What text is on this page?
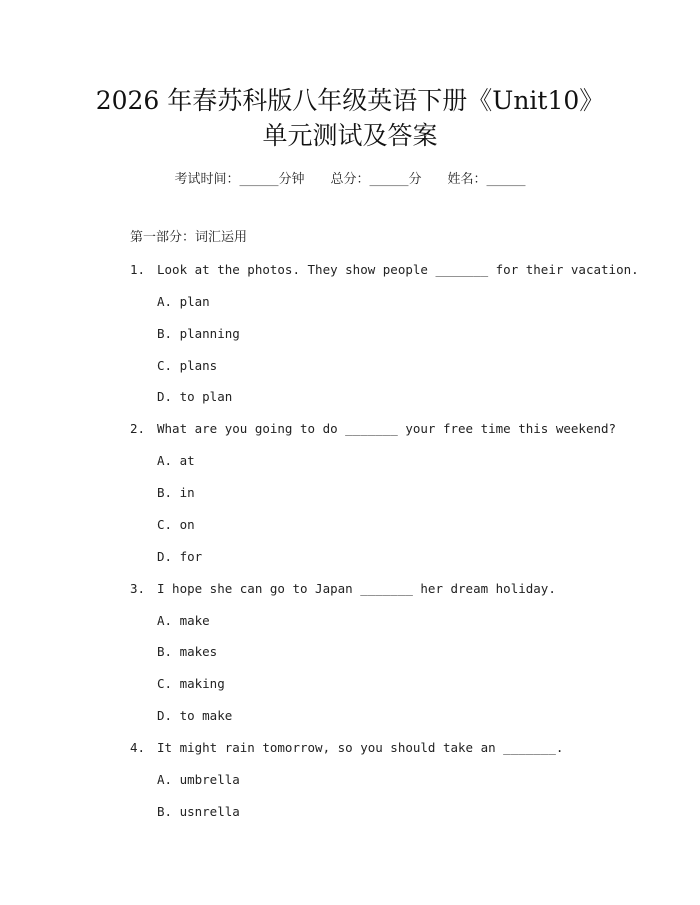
2026 年春苏科版八年级英语下册《Unit10》
单元测试及答案
考试时间：______分钟 总分：______分 姓名：______
第一部分：词汇运用
1. Look at the photos. They show people _______ for their vacation.
A. plan
B. planning
C. plans
D. to plan
2. What are you going to do _______ your free time this weekend?
A. at
B. in
C. on
D. for
3. I hope she can go to Japan _______ her dream holiday.
A. make
B. makes
C. making
D. to make
4. It might rain tomorrow, so you should take an _______.
A. umbrella
B. usnrella
